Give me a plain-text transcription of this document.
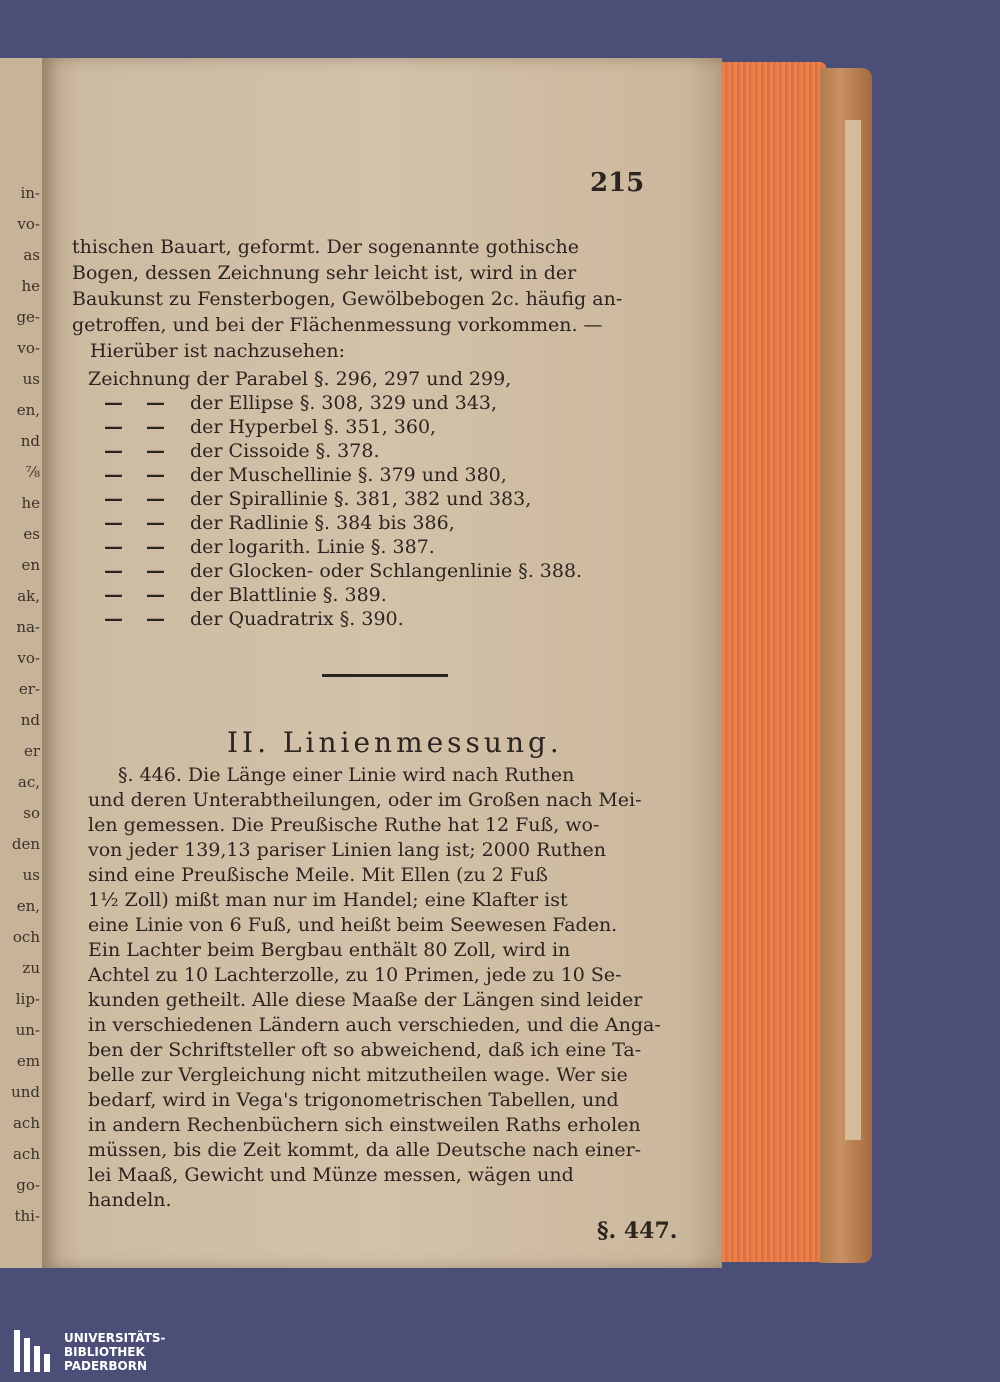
in-
vo-
as
he
ge-
vo-
us
en,
nd
⅞
he
es
en
ak,
na-
vo-
er-
nd
er
ac,
so
den
us
en,
och
zu
lip-
un-
em
und
ach
ach
go-
thi-
215
thischen Bauart, geformt. Der sogenannte gothische
Bogen, dessen Zeichnung sehr leicht ist, wird in der
Baukunst zu Fensterbogen, Gewölbebogen 2c. häufig an-
getroffen, und bei der Flächenmessung vorkommen. —
Hierüber ist nachzusehen:
Zeichnung der Parabel §. 296, 297 und 299,
— — der Ellipse §. 308, 329 und 343,
— — der Hyperbel §. 351, 360,
— — der Cissoide §. 378.
— — der Muschellinie §. 379 und 380,
— — der Spirallinie §. 381, 382 und 383,
— — der Radlinie §. 384 bis 386,
— — der logarith. Linie §. 387.
— — der Glocken- oder Schlangenlinie §. 388.
— — der Blattlinie §. 389.
— — der Quadratrix §. 390.
II. Linienmessung.
§. 446. Die Länge einer Linie wird nach Ruthen
und deren Unterabtheilungen, oder im Großen nach Mei-
len gemessen. Die Preußische Ruthe hat 12 Fuß, wo-
von jeder 139,13 pariser Linien lang ist; 2000 Ruthen
sind eine Preußische Meile. Mit Ellen (zu 2 Fuß
1½ Zoll) mißt man nur im Handel; eine Klafter ist
eine Linie von 6 Fuß, und heißt beim Seewesen Faden.
Ein Lachter beim Bergbau enthält 80 Zoll, wird in
Achtel zu 10 Lachterzolle, zu 10 Primen, jede zu 10 Se-
kunden getheilt. Alle diese Maaße der Längen sind leider
in verschiedenen Ländern auch verschieden, und die Anga-
ben der Schriftsteller oft so abweichend, daß ich eine Ta-
belle zur Vergleichung nicht mitzutheilen wage. Wer sie
bedarf, wird in Vega's trigonometrischen Tabellen, und
in andern Rechenbüchern sich einstweilen Raths erholen
müssen, bis die Zeit kommt, da alle Deutsche nach einer-
lei Maaß, Gewicht und Münze messen, wägen und
handeln.
§. 447.
UNIVERSITÄTS-
BIBLIOTHEK
PADERBORN
